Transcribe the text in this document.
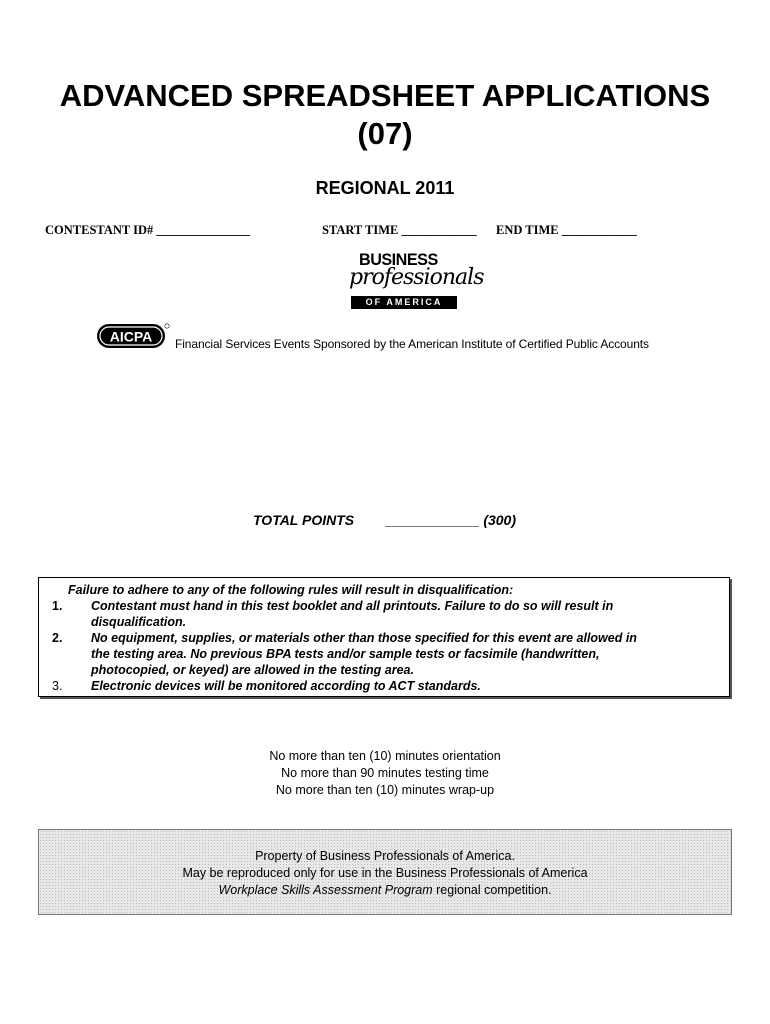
ADVANCED SPREADSHEET APPLICATIONS
(07)
REGIONAL 2011
CONTESTANT ID# _______________	START TIME ____________ END TIME ____________
BUSINESS
professionals
OF AMERICA
AICPA Financial Services Events Sponsored by the American Institute of Certified Public Accounts
TOTAL POINTS ____________ (300)
Failure to adhere to any of the following rules will result in disqualification:
1. Contestant must hand in this test booklet and all printouts. Failure to do so will result in
disqualification.
2. No equipment, supplies, or materials other than those specified for this event are allowed in
the testing area. No previous BPA tests and/or sample tests or facsimile (handwritten,
photocopied, or keyed) are allowed in the testing area.
3. Electronic devices will be monitored according to ACT standards.
No more than ten (10) minutes orientation
No more than 90 minutes testing time
No more than ten (10) minutes wrap-up
Property of Business Professionals of America.
May be reproduced only for use in the Business Professionals of America
Workplace Skills Assessment Program regional competition.
